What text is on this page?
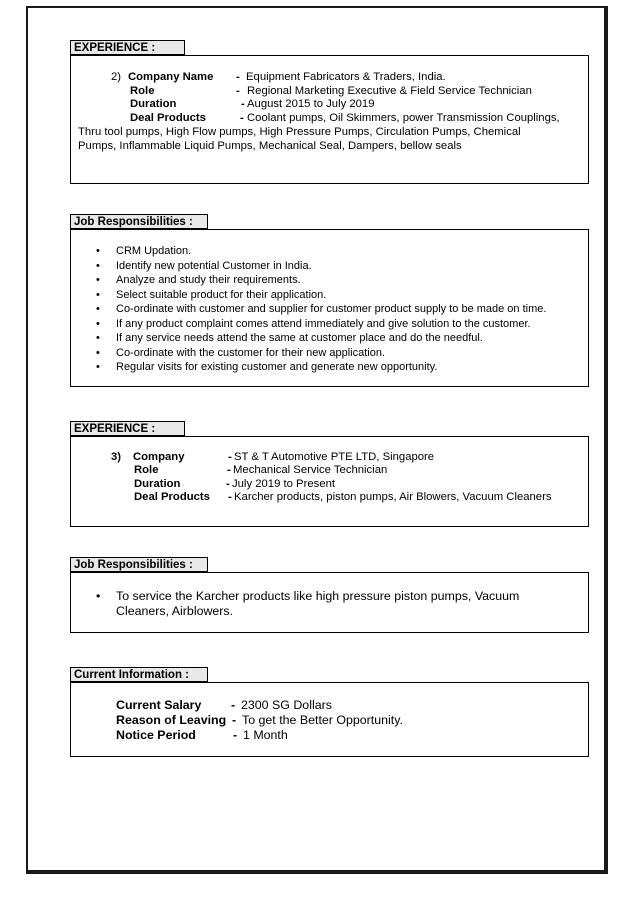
EXPERIENCE :
2) Company Name - Equipment Fabricators & Traders, India.
Role	- Regional Marketing Executive & Field Service Technician
Duration	- August 2015 to July 2019
Deal Products	- Coolant pumps, Oil Skimmers, power Transmission Couplings,
Thru tool pumps, High Flow pumps, High Pressure Pumps, Circulation Pumps, Chemical
Pumps, Inflammable Liquid Pumps, Mechanical Seal, Dampers, bellow seals
Job Responsibilities :
• CRM Updation.
• Identify new potential Customer in India.
• Analyze and study their requirements.
• Select suitable product for their application.
• Co-ordinate with customer and supplier for customer product supply to be made on time.
• If any product complaint comes attend immediately and give solution to the customer.
• If any service needs attend the same at customer place and do the needful.
• Co-ordinate with the customer for their new application.
• Regular visits for existing customer and generate new opportunity.
EXPERIENCE :
3) Company	- ST & T Automotive PTE LTD, Singapore
Role	- Mechanical Service Technician
Duration	- July 2019 to Present
Deal Products - Karcher products, piston pumps, Air Blowers, Vacuum Cleaners
Job Responsibilities :
• To service the Karcher products like high pressure piston pumps, Vacuum
Cleaners, Airblowers.
Current Information :
Current Salary - 2300 SG Dollars
Reason of Leaving - To get the Better Opportunity.
Notice Period	- 1 Month
